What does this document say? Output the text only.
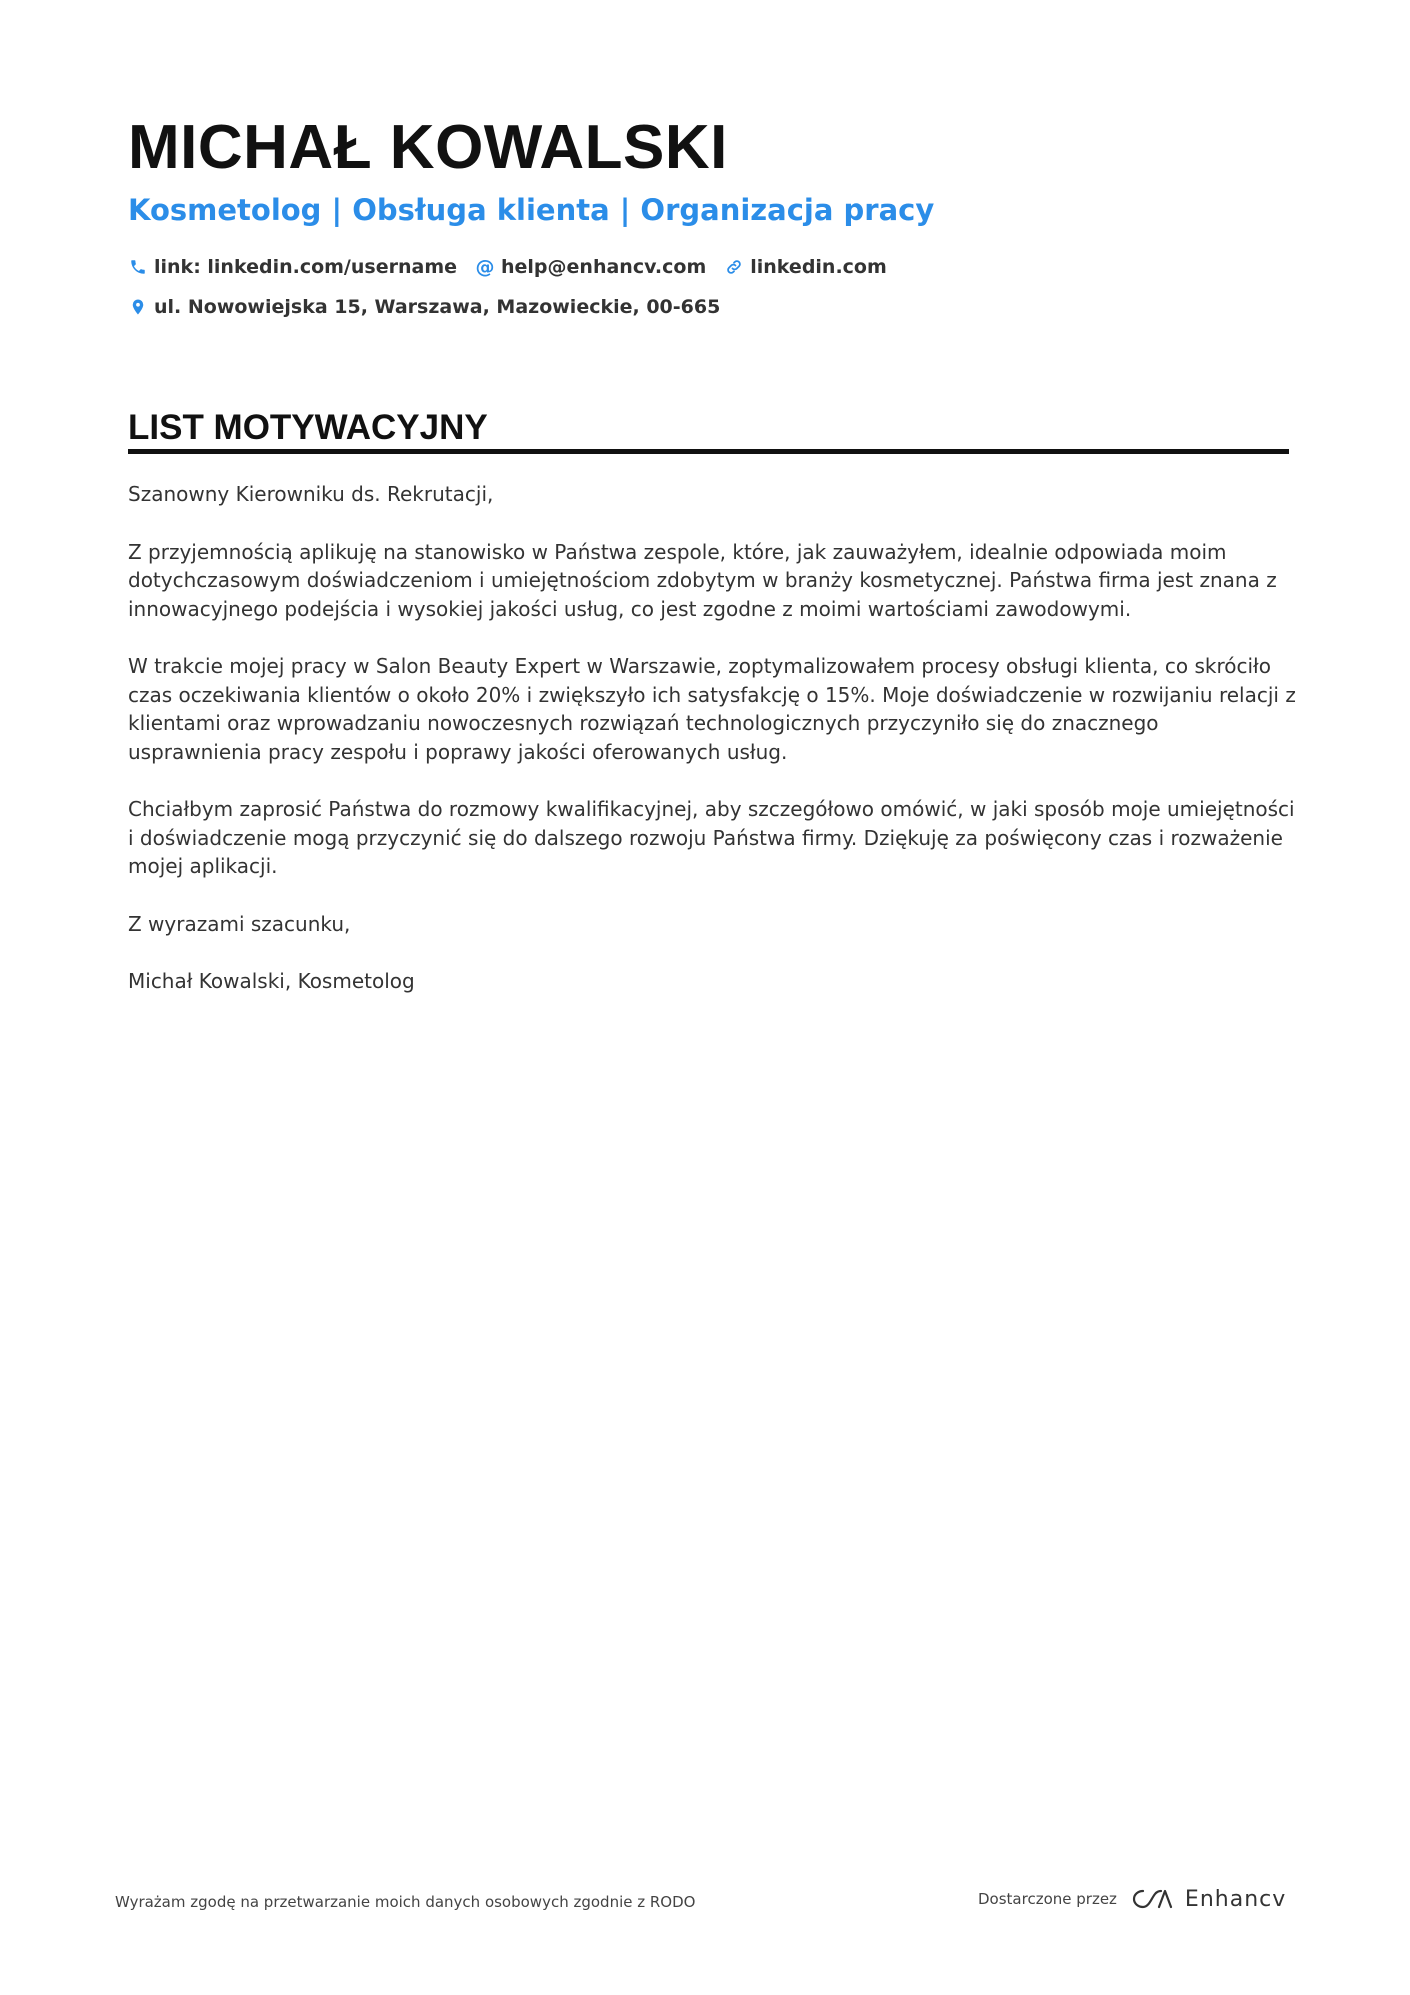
MICHAŁ KOWALSKI
Kosmetolog | Obsługa klienta | Organizacja pracy
link: linkedin.com/username @ help@enhancv.com linkedin.com
ul. Nowowiejska 15, Warszawa, Mazowieckie, 00-665
LIST MOTYWACYJNY

Szanowny Kierowniku ds. Rekrutacji,

Z przyjemnością aplikuję na stanowisko w Państwa zespole, które, jak zauważyłem, idealnie odpowiada moim dotychczasowym doświadczeniom i umiejętnościom zdobytym w branży kosmetycznej. Państwa firma jest znana z innowacyjnego podejścia i wysokiej jakości usług, co jest zgodne z moimi wartościami zawodowymi.

W trakcie mojej pracy w Salon Beauty Expert w Warszawie, zoptymalizowałem procesy obsługi klienta, co skróciło czas oczekiwania klientów o około 20% i zwiększyło ich satysfakcję o 15%. Moje doświadczenie w rozwijaniu relacji z klientami oraz wprowadzaniu nowoczesnych rozwiązań technologicznych przyczyniło się do znacznego usprawnienia pracy zespołu i poprawy jakości oferowanych usług.

Chciałbym zaprosić Państwa do rozmowy kwalifikacyjnej, aby szczegółowo omówić, w jaki sposób moje umiejętności i doświadczenie mogą przyczynić się do dalszego rozwoju Państwa firmy. Dziękuję za poświęcony czas i rozważenie mojej aplikacji.

Z wyrazami szacunku,

Michał Kowalski, Kosmetolog

Wyrażam zgodę na przetwarzanie moich danych osobowych zgodnie z RODO	Dostarczone przez	Enhancv
